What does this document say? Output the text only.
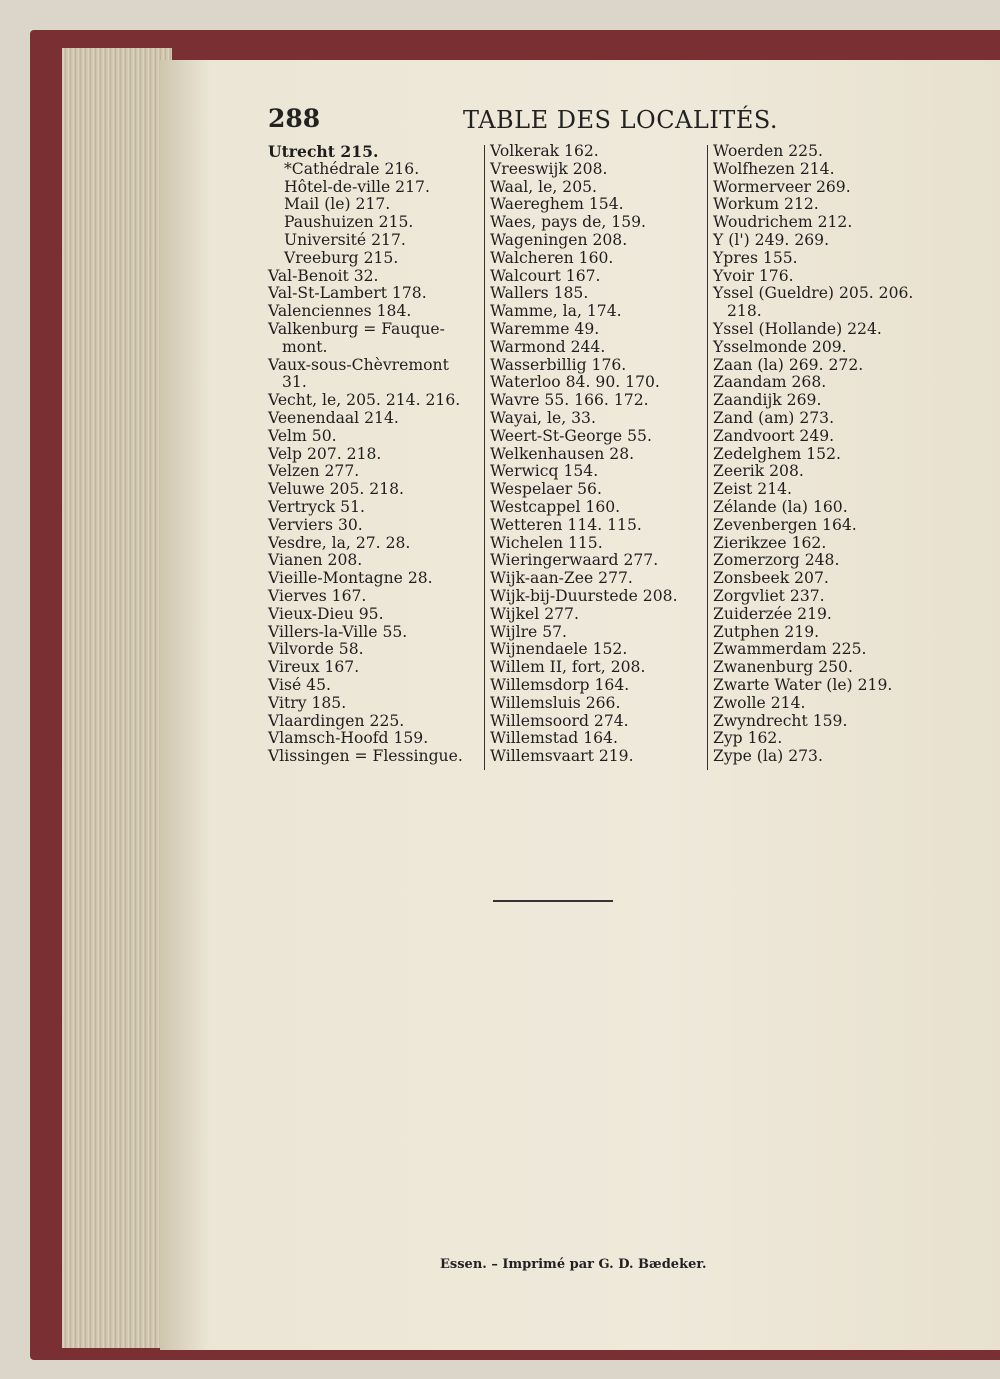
288	TABLE DES LOCALITÉS.
Utrecht 215.
*Cathédrale 216.
Hôtel-de-ville 217.
Mail (le) 217.
Paushuizen 215.
Université 217.
Vreeburg 215.
Val-Benoit 32.
Val-St-Lambert 178.
Valenciennes 184.
Valkenburg = Fauque-
mont.
Vaux-sous-Chèvremont
31.
Vecht, le, 205. 214. 216.
Veenendaal 214.
Velm 50.
Velp 207. 218.
Velzen 277.
Veluwe 205. 218.
Vertryck 51.
Verviers 30.
Vesdre, la, 27. 28.
Vianen 208.
Vieille-Montagne 28.
Vierves 167.
Vieux-Dieu 95.
Villers-la-Ville 55.
Vilvorde 58.
Vireux 167.
Visé 45.
Vitry 185.
Vlaardingen 225.
Vlamsch-Hoofd 159.
Vlissingen = Flessingue.
Volkerak 162.
Vreeswijk 208.
Waal, le, 205.
Waereghem 154.
Waes, pays de, 159.
Wageningen 208.
Walcheren 160.
Walcourt 167.
Wallers 185.
Wamme, la, 174.
Waremme 49.
Warmond 244.
Wasserbillig 176.
Waterloo 84. 90. 170.
Wavre 55. 166. 172.
Wayai, le, 33.
Weert-St-George 55.
Welkenhausen 28.
Werwicq 154.
Wespelaer 56.
Westcappel 160.
Wetteren 114. 115.
Wichelen 115.
Wieringerwaard 277.
Wijk-aan-Zee 277.
Wijk-bij-Duurstede 208.
Wijkel 277.
Wijlre 57.
Wijnendaele 152.
Willem II, fort, 208.
Willemsdorp 164.
Willemsluis 266.
Willemsoord 274.
Willemstad 164.
Willemsvaart 219.
Woerden 225.
Wolfhezen 214.
Wormerveer 269.
Workum 212.
Woudrichem 212.
Y (l') 249. 269.
Ypres 155.
Yvoir 176.
Yssel (Gueldre) 205. 206.
218.
Yssel (Hollande) 224.
Ysselmonde 209.
Zaan (la) 269. 272.
Zaandam 268.
Zaandijk 269.
Zand (am) 273.
Zandvoort 249.
Zedelghem 152.
Zeerik 208.
Zeist 214.
Zélande (la) 160.
Zevenbergen 164.
Zierikzee 162.
Zomerzorg 248.
Zonsbeek 207.
Zorgvliet 237.
Zuiderzée 219.
Zutphen 219.
Zwammerdam 225.
Zwanenburg 250.
Zwarte Water (le) 219.
Zwolle 214.
Zwyndrecht 159.
Zyp 162.
Zype (la) 273.
Essen. – Imprimé par G. D. Bædeker.
